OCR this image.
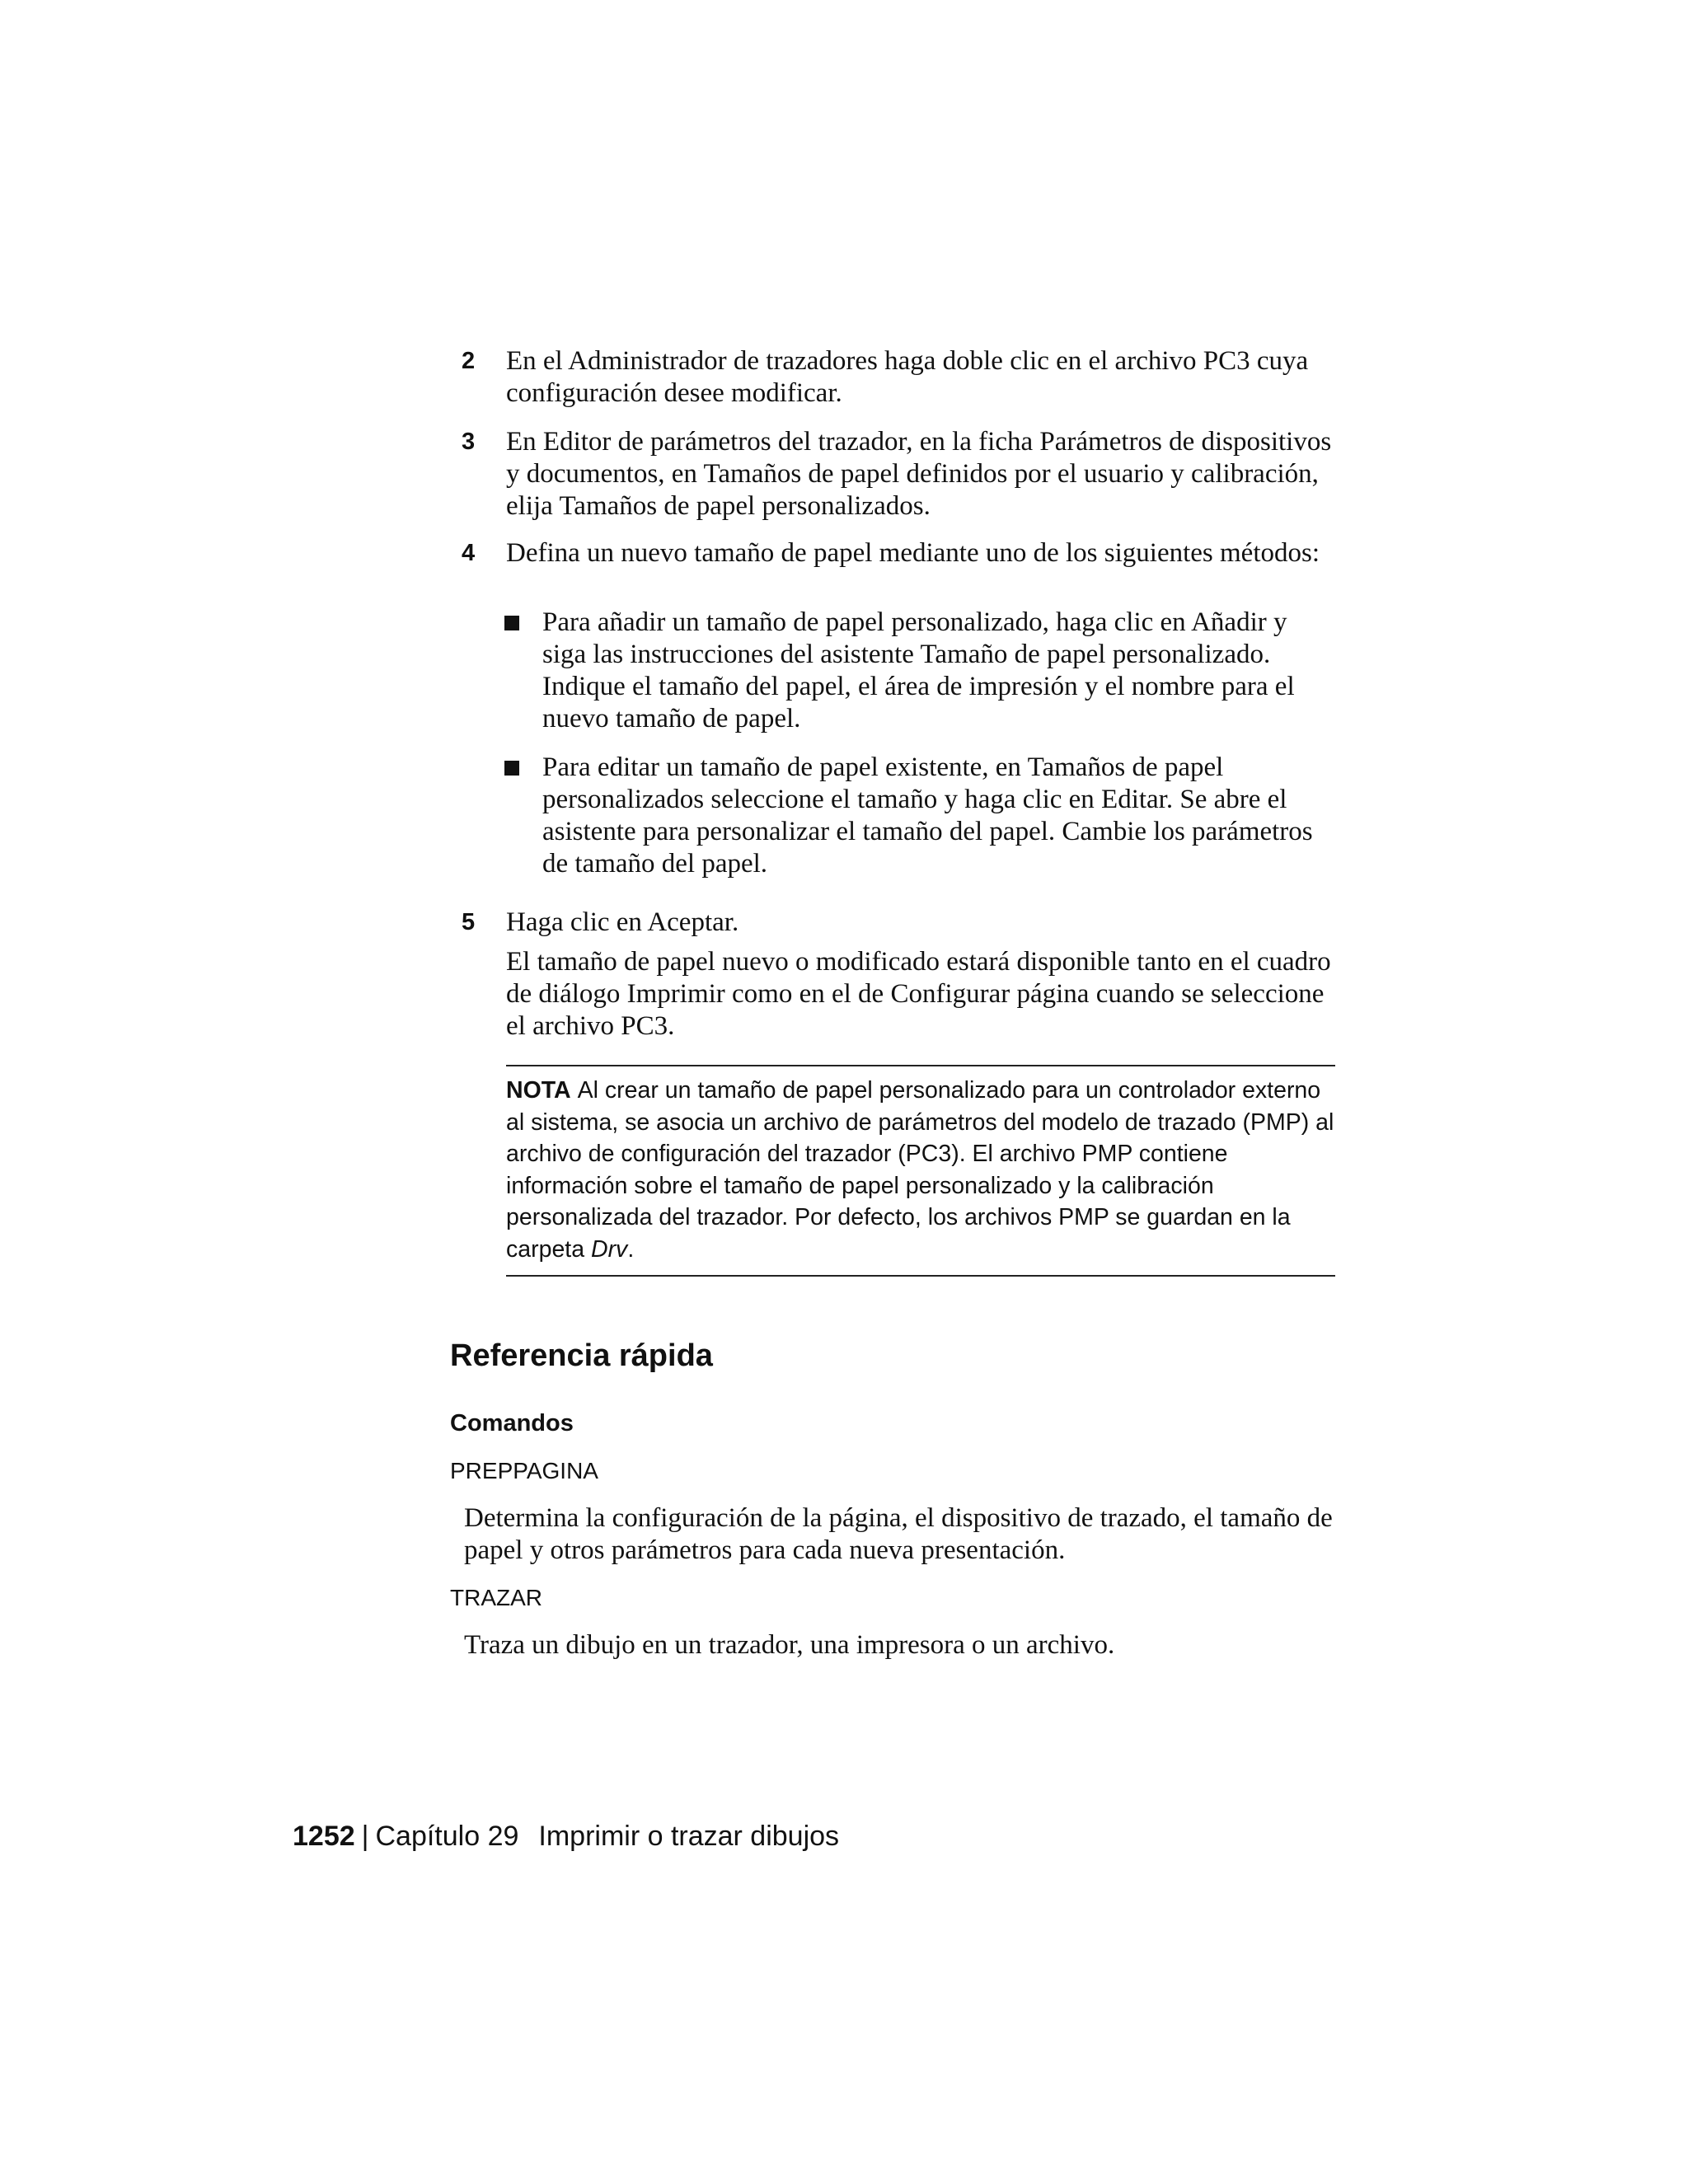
2	En el Administrador de trazadores haga doble clic en el archivo PC3 cuya configuración desee modificar.
3	En Editor de parámetros del trazador, en la ficha Parámetros de dispositivos y documentos, en Tamaños de papel definidos por el usuario y calibración, elija Tamaños de papel personalizados.
4	Defina un nuevo tamaño de papel mediante uno de los siguientes métodos:
Para añadir un tamaño de papel personalizado, haga clic en Añadir y siga las instrucciones del asistente Tamaño de papel personalizado. Indique el tamaño del papel, el área de impresión y el nombre para el nuevo tamaño de papel.
Para editar un tamaño de papel existente, en Tamaños de papel personalizados seleccione el tamaño y haga clic en Editar. Se abre el asistente para personalizar el tamaño del papel. Cambie los parámetros de tamaño del papel.
5	Haga clic en Aceptar.
El tamaño de papel nuevo o modificado estará disponible tanto en el cuadro de diálogo Imprimir como en el de Configurar página cuando se seleccione el archivo PC3.
NOTA Al crear un tamaño de papel personalizado para un controlador externo al sistema, se asocia un archivo de parámetros del modelo de trazado (PMP) al archivo de configuración del trazador (PC3). El archivo PMP contiene información sobre el tamaño de papel personalizado y la calibración personalizada del trazador. Por defecto, los archivos PMP se guardan en la carpeta Drv.
Referencia rápida
Comandos
PREPPAGINA
Determina la configuración de la página, el dispositivo de trazado, el tamaño de papel y otros parámetros para cada nueva presentación.
TRAZAR
Traza un dibujo en un trazador, una impresora o un archivo.
1252 | Capítulo 29 Imprimir o trazar dibujos
